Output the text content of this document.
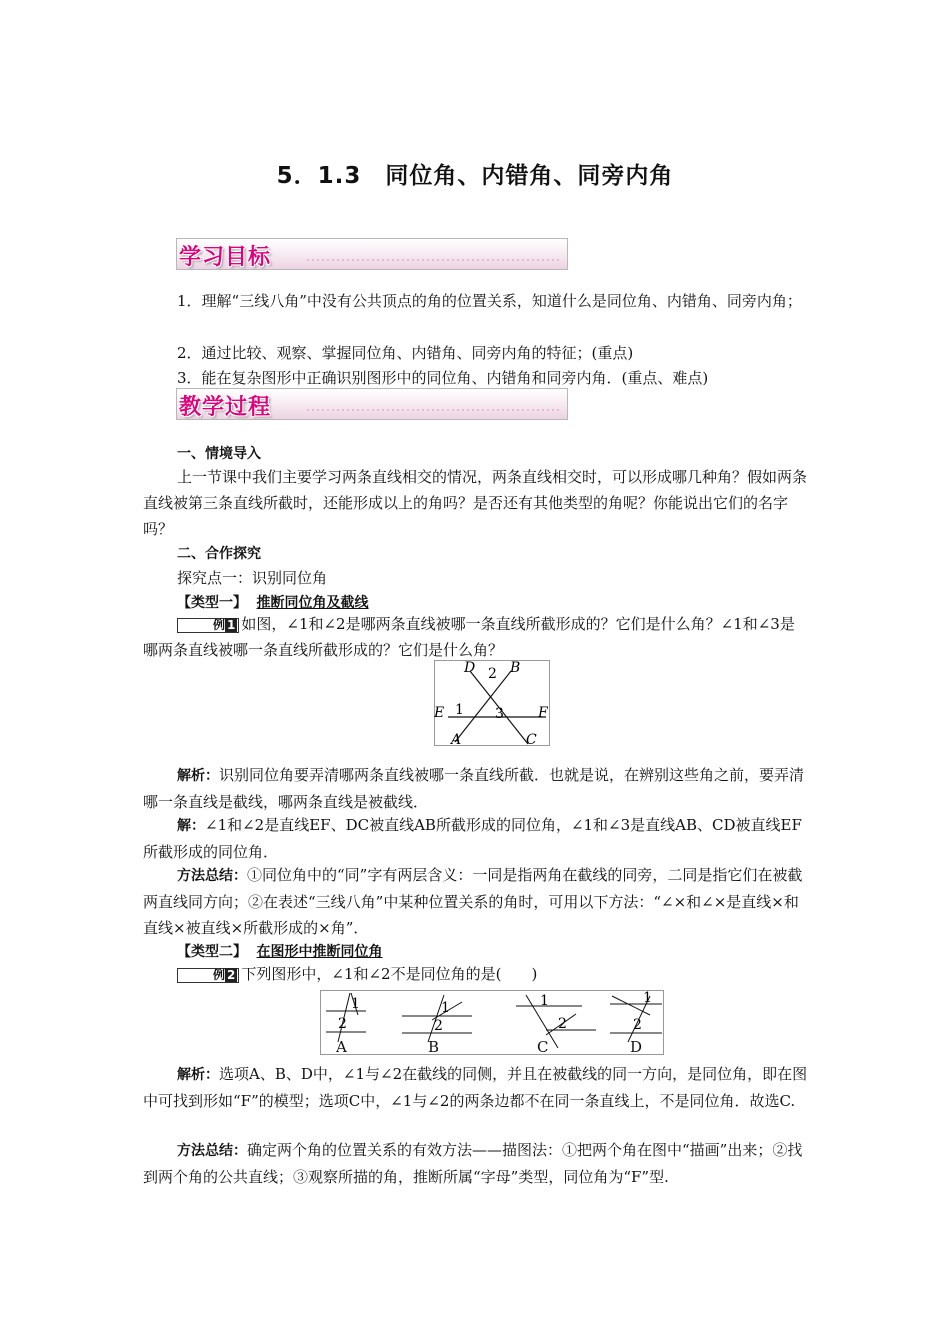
5．1.3　同位角、内错角、同旁内角
学习目标

1．理解“三线八角”中没有公共顶点的角的位置关系，知道什么是同位角、内错角、同旁内角；

2．通过比较、观察、掌握同位角、内错角、同旁内角的特征；(重点)

3．能在复杂图形中正确识别图形中的同位角、内错角和同旁内角．(重点、难点)

教学过程

一、情境导入

上一节课中我们主要学习两条直线相交的情况，两条直线相交时，可以形成哪几种角？假如两条直线被第三条直线所截时，还能形成以上的角吗？是否还有其他类型的角呢？你能说出它们的名字吗？

二、合作探究

探究点一：识别同位角

【类型一】 推断同位角及截线

例 1 如图，∠1和∠2是哪两条直线被哪一条直线所截形成的？它们是什么角？∠1和∠3是哪两条直线被哪一条直线所截形成的？它们是什么角？

D B
2
E	F
1 3
A	C

解析：识别同位角要弄清哪两条直线被哪一条直线所截．也就是说，在辨别这些角之前，要弄清哪一条直线是截线，哪两条直线是被截线．

解：∠1和∠2是直线EF、DC被直线AB所截形成的同位角，∠1和∠3是直线AB、CD被直线EF所截形成的同位角．

方法总结：①同位角中的“同”字有两层含义：一同是指两角在截线的同旁，二同是指它们在被截两直线同方向；②在表述“三线八角”中某种位置关系的角时，可用以下方法：“∠×和∠×是直线×和直线×被直线×所截形成的×角”．

【类型二】 在图形中推断同位角

例 2 下列图形中，∠1和∠2不是同位角的是(　　)

1
2
1
2
1
2
1
2
A	B	C	D

解析：选项A、B、D中，∠1与∠2在截线的同侧，并且在被截线的同一方向，是同位角，即在图中可找到形如“F”的模型；选项C中，∠1与∠2的两条边都不在同一条直线上，不是同位角．故选C.

方法总结：确定两个角的位置关系的有效方法——描图法：①把两个角在图中“描画”出来；②找到两个角的公共直线；③观察所描的角，推断所属“字母”类型，同位角为“F”型.
